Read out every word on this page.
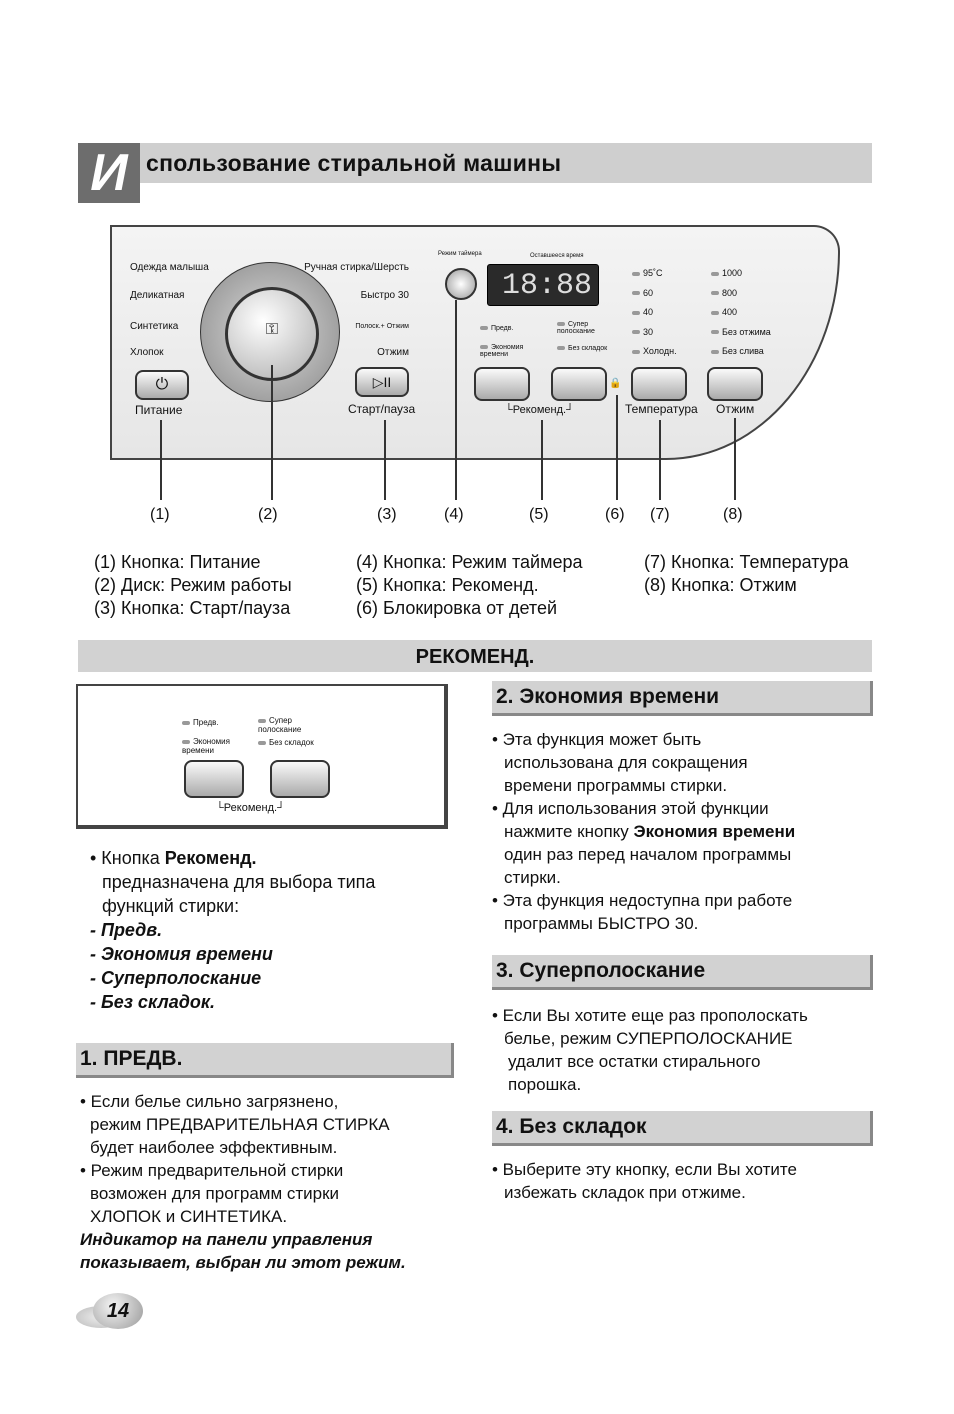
И спользование стиральной машины
Одежда малыша
Деликатная
Синтетика
Хлопок
Ручная стирка/Шерсть
Быстро 30
Полоск.+ Отжим
Отжим
⚿
⏻
Питание
▷II
Старт/пауза
Режим таймера	Оставшееся время
18:88
Предв.
Экономия времени
Супер полоскание
Без складок
🔒
└Рекоменд.┘	Температура Отжим
95˚C
60
40
30
Холодн.
1000
800
400
Без отжима
Без слива
(1)	(2)	(3)	(4)	(5)	(6) (7)	(8)
(1) Кнопка: Питание
(2) Диск: Режим работы
(3) Кнопка: Старт/пауза
(4) Кнопка: Режим таймера
(5) Кнопка: Рекоменд.
(6) Блокировка от детей
(7) Кнопка: Температура
(8) Кнопка: Отжим
РЕКОМЕНД.
Предв.
Экономия времени
Супер полоскание
Без складок
└Рекоменд.┘
• Кнопка Рекоменд.
предназначена для выбора типа
функций стирки:
- Предв.
- Экономия времени
- Суперполоскание
- Без складок.
1. ПРЕДВ.
• Если белье сильно загрязнено,
режим ПРЕДВАРИТЕЛЬНАЯ СТИРКА
будет наиболее эффективным.
• Режим предварительной стирки
возможен для программ стирки
ХЛОПОК и СИНТЕТИКА.
Индикатор на панели управления
показывает, выбран ли этот режим.
2. Экономия времени
• Эта функция может быть
использована для сокращения
времени программы стирки.
• Для использования этой функции
нажмите кнопку Экономия времени
один раз перед началом программы
стирки.
• Эта функция недоступна при работе
программы БЫСТРО 30.
3. Суперполоскание
• Если Вы хотите еще раз прополоскать
белье, режим СУПЕРПОЛОСКАНИЕ
удалит все остатки стирального
порошка.
4. Без складок
• Выберите эту кнопку, если Вы хотите
избежать складок при отжиме.
14
